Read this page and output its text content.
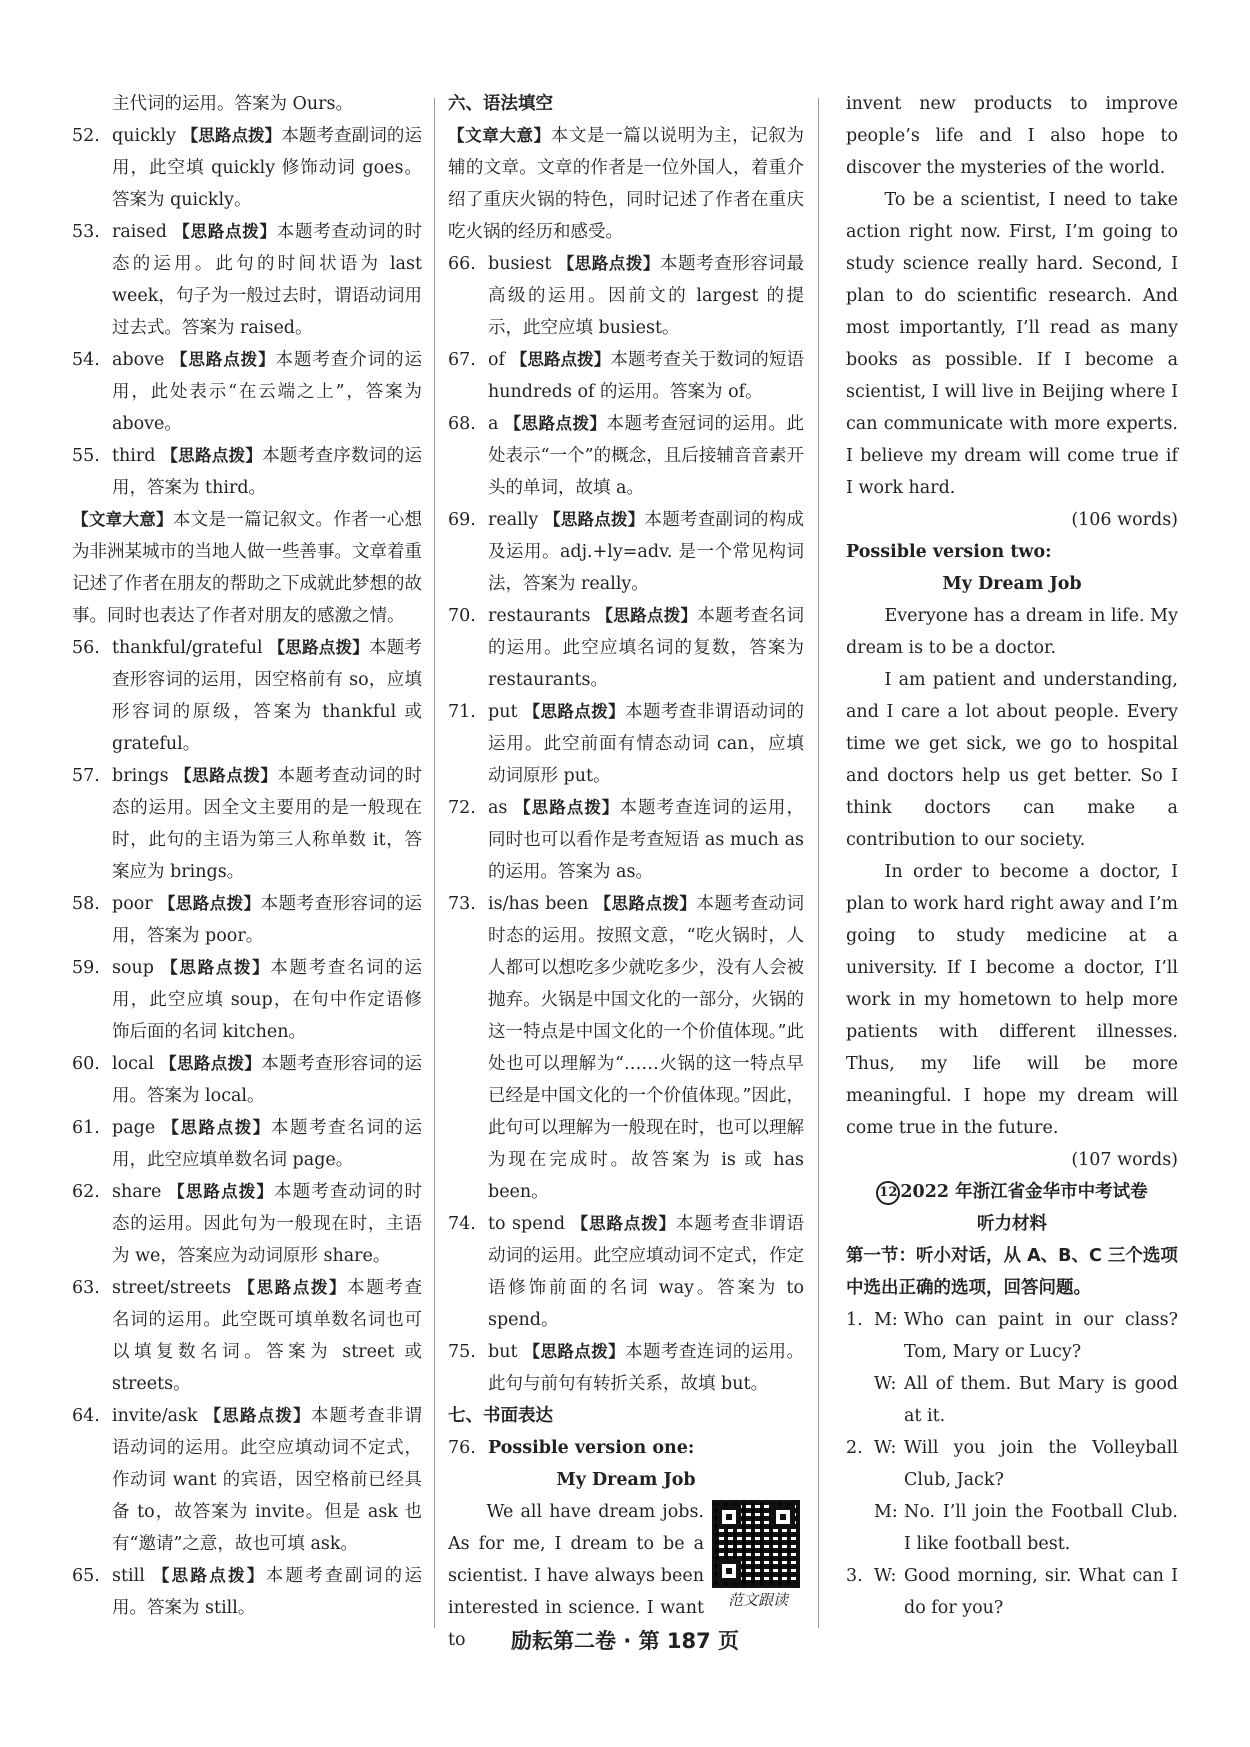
主代词的运用。答案为 Ours。
52. quickly 【思路点拨】本题考查副词的运用，此空填 quickly 修饰动词 goes。答案为 quickly。
53. raised 【思路点拨】本题考查动词的时态的运用。此句的时间状语为 last week，句子为一般过去时，谓语动词用过去式。答案为 raised。
54. above 【思路点拨】本题考查介词的运用，此处表示“在云端之上”，答案为 above。
55. third 【思路点拨】本题考查序数词的运用，答案为 third。
【文章大意】本文是一篇记叙文。作者一心想为非洲某城市的当地人做一些善事。文章着重记述了作者在朋友的帮助之下成就此梦想的故事。同时也表达了作者对朋友的感激之情。
56. thankful/grateful 【思路点拨】本题考查形容词的运用，因空格前有 so，应填形容词的原级，答案为 thankful 或 grateful。
57. brings 【思路点拨】本题考查动词的时态的运用。因全文主要用的是一般现在时，此句的主语为第三人称单数 it，答案应为 brings。
58. poor 【思路点拨】本题考查形容词的运用，答案为 poor。
59. soup 【思路点拨】本题考查名词的运用，此空应填 soup，在句中作定语修饰后面的名词 kitchen。
60. local 【思路点拨】本题考查形容词的运用。答案为 local。
61. page 【思路点拨】本题考查名词的运用，此空应填单数名词 page。
62. share 【思路点拨】本题考查动词的时态的运用。因此句为一般现在时，主语为 we，答案应为动词原形 share。
63. street/streets 【思路点拨】本题考查名词的运用。此空既可填单数名词也可以填复数名词。答案为 street 或 streets。
64. invite/ask 【思路点拨】本题考查非谓语动词的运用。此空应填动词不定式，作动词 want 的宾语，因空格前已经具备 to，故答案为 invite。但是 ask 也有“邀请”之意，故也可填 ask。
65. still 【思路点拨】本题考查副词的运用。答案为 still。
六、语法填空
【文章大意】本文是一篇以说明为主，记叙为辅的文章。文章的作者是一位外国人，着重介绍了重庆火锅的特色，同时记述了作者在重庆吃火锅的经历和感受。
66. busiest 【思路点拨】本题考查形容词最高级的运用。因前文的 largest 的提示，此空应填 busiest。
67. of 【思路点拨】本题考查关于数词的短语 hundreds of 的运用。答案为 of。
68. a 【思路点拨】本题考查冠词的运用。此处表示“一个”的概念，且后接辅音音素开头的单词，故填 a。
69. really 【思路点拨】本题考查副词的构成及运用。adj.+ly=adv. 是一个常见构词法，答案为 really。
70. restaurants 【思路点拨】本题考查名词的运用。此空应填名词的复数，答案为 restaurants。
71. put 【思路点拨】本题考查非谓语动词的运用。此空前面有情态动词 can，应填动词原形 put。
72. as 【思路点拨】本题考查连词的运用，同时也可以看作是考查短语 as much as 的运用。答案为 as。
73. is/has been 【思路点拨】本题考查动词时态的运用。按照文意，“吃火锅时，人人都可以想吃多少就吃多少，没有人会被抛弃。火锅是中国文化的一部分，火锅的这一特点是中国文化的一个价值体现。”此处也可以理解为“……火锅的这一特点早已经是中国文化的一个价值体现。”因此，此句可以理解为一般现在时，也可以理解为现在完成时。故答案为 is 或 has been。
74. to spend 【思路点拨】本题考查非谓语动词的运用。此空应填动词不定式，作定语修饰前面的名词 way。答案为 to spend。
75. but 【思路点拨】本题考查连词的运用。此句与前句有转折关系，故填 but。
七、书面表达
76. Possible version one:
My Dream Job
范文跟读

We all have dream jobs. As for me, I dream to be a scientist. I have always been interested in science. I want to

invent new products to improve people’s life and I also hope to discover the mysteries of the world.

To be a scientist, I need to take action right now. First, I’m going to study science really hard. Second, I plan to do scientific research. And most importantly, I’ll read as many books as possible. If I become a scientist, I will live in Beijing where I can communicate with more experts. I believe my dream will come true if I work hard.

(106 words)
Possible version two:
My Dream Job

Everyone has a dream in life. My dream is to be a doctor.

I am patient and understanding, and I care a lot about people. Every time we get sick, we go to hospital and doctors help us get better. So I think doctors can make a contribution to our society.

In order to become a doctor, I plan to work hard right away and I’m going to study medicine at a university. If I become a doctor, I’ll work in my hometown to help more patients with different illnesses. Thus, my life will be more meaningful. I hope my dream will come true in the future.

(107 words)
12 2022 年浙江省金华市中考试卷
听力材料
第一节：听小对话，从 A、B、C 三个选项中选出正确的选项，回答问题。
1. M: Who can paint in our class? Tom, Mary or Lucy?
W: All of them. But Mary is good at it.
2. W: Will you join the Volleyball Club, Jack?
M: No. I’ll join the Football Club. I like football best.
3. W: Good morning, sir. What can I do for you?
励耘第二卷 · 第 187 页
